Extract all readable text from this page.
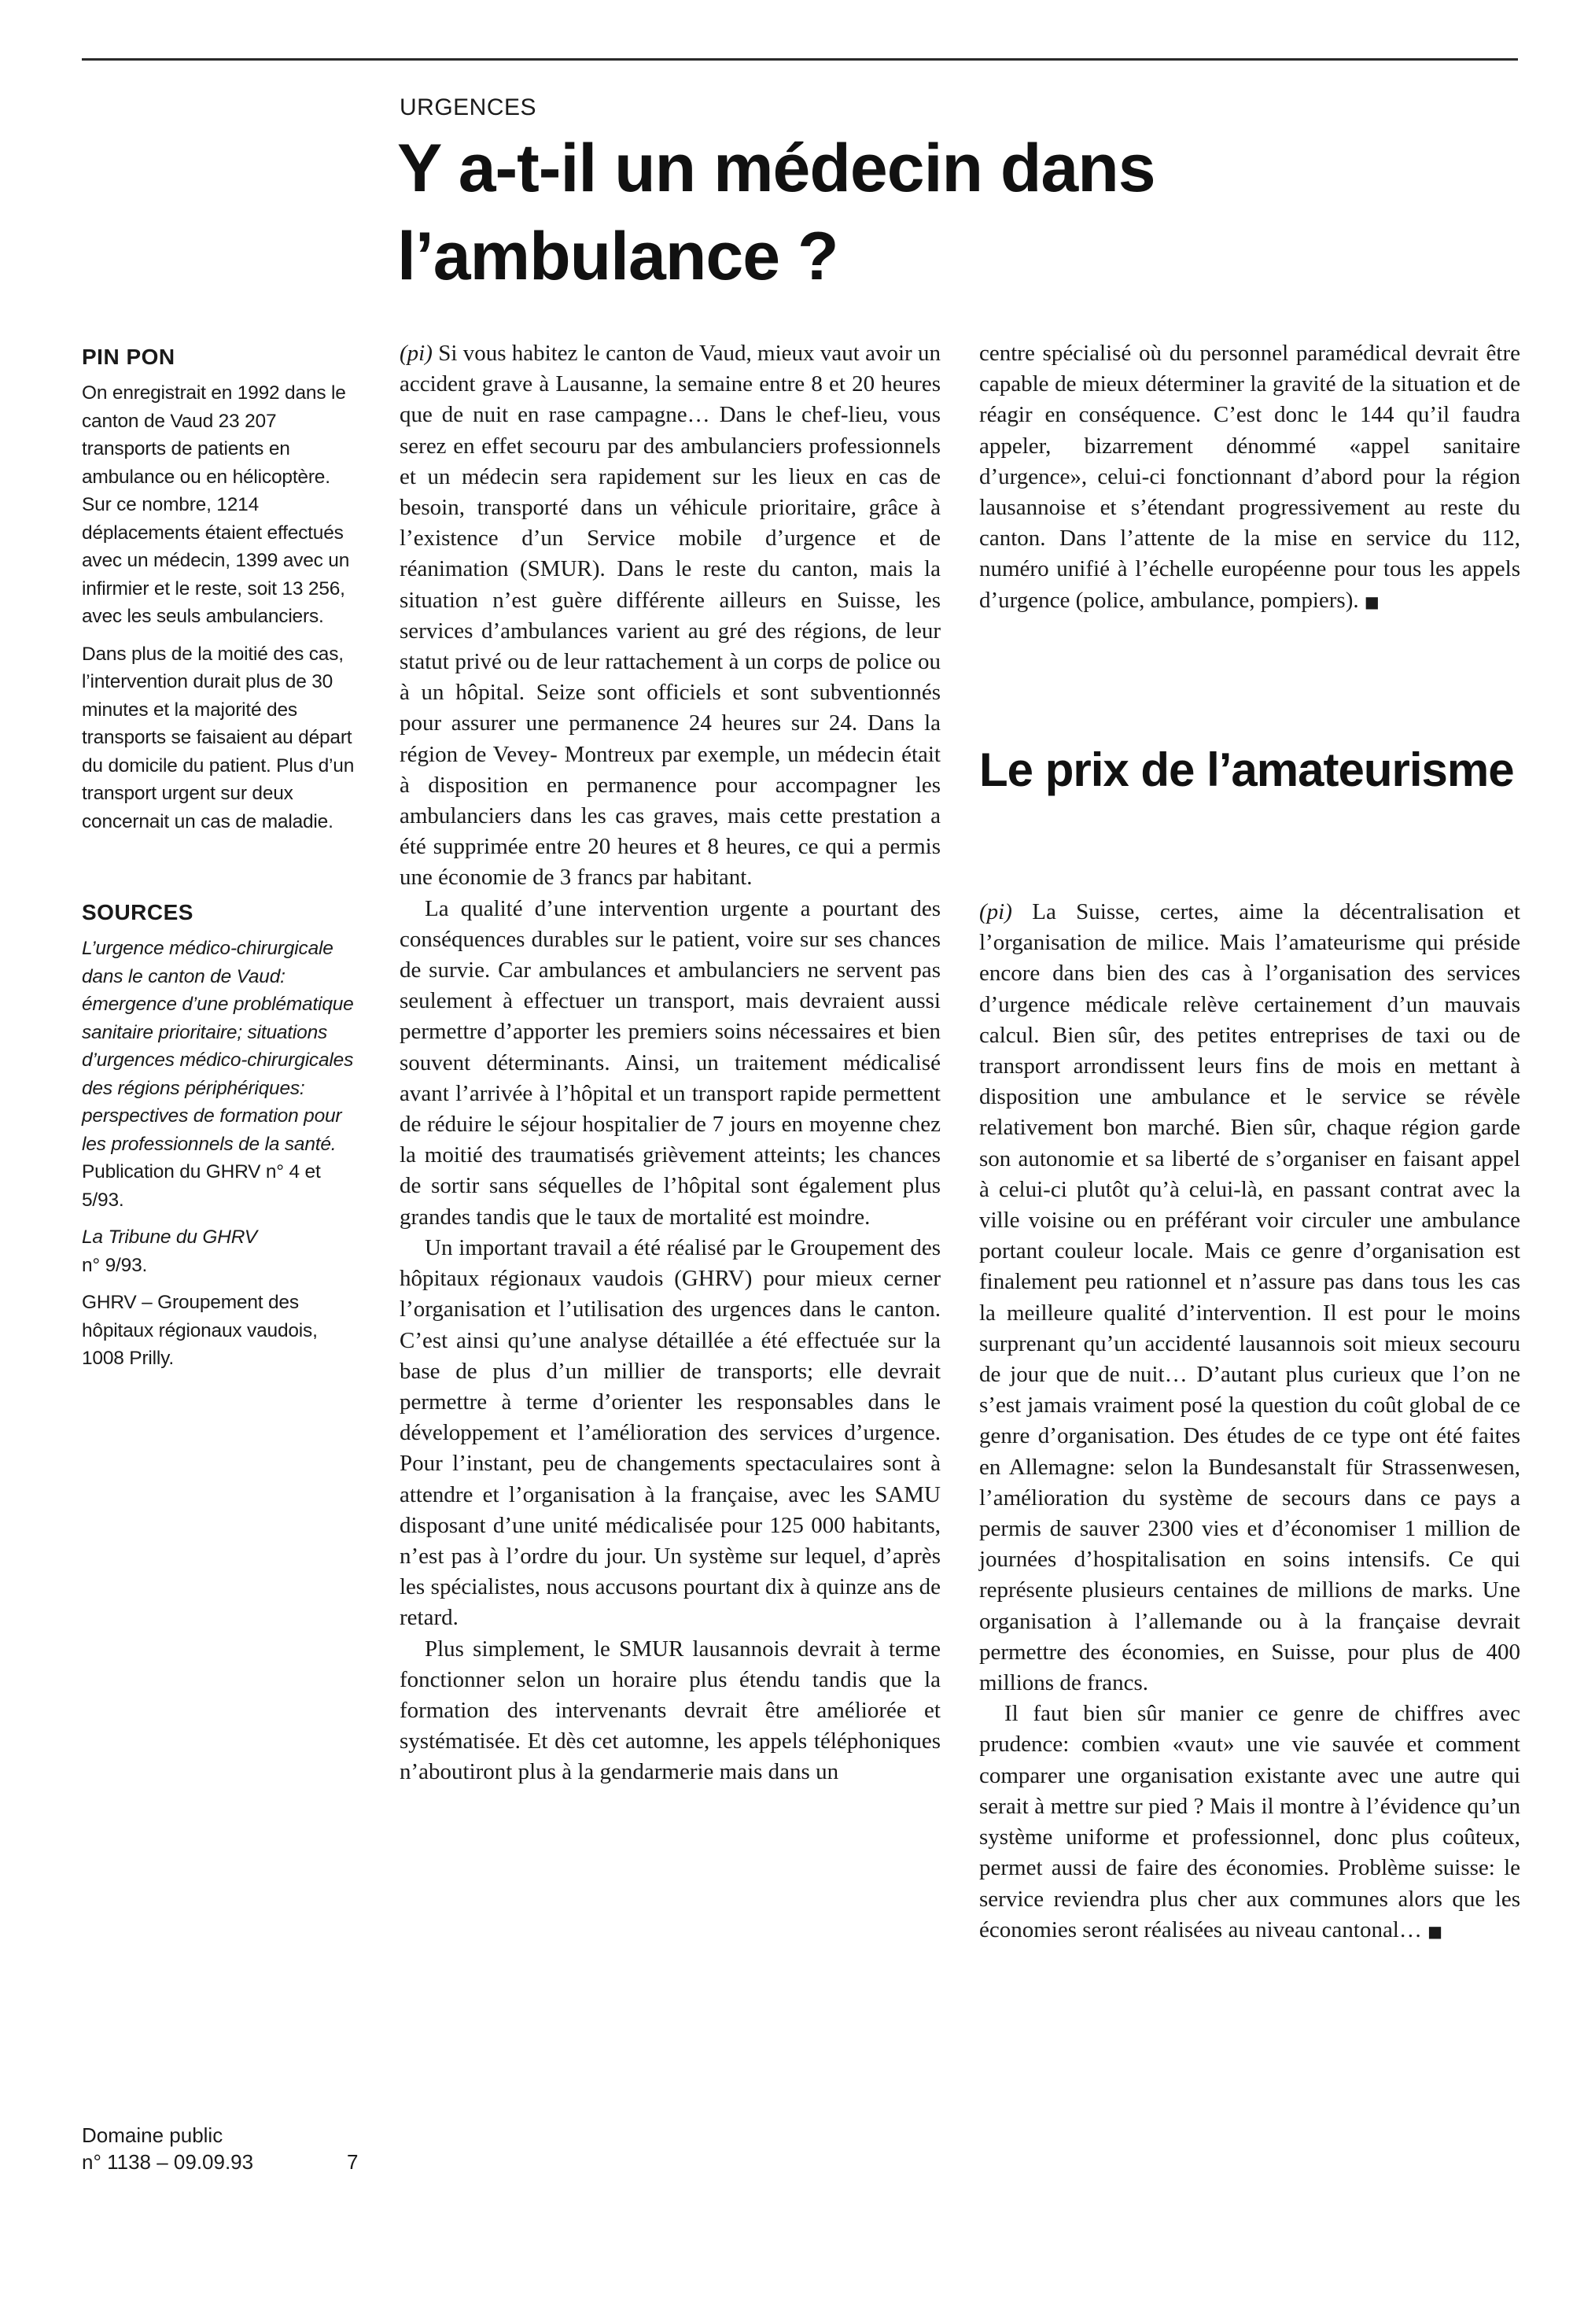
URGENCES
Y a-t-il un médecin dans l’ambulance ?
PIN PON

On enregistrait en 1992 dans le canton de Vaud 23 207 transports de patients en ambulance ou en hélicoptère. Sur ce nombre, 1214 déplacements étaient effectués avec un médecin, 1399 avec un infirmier et le reste, soit 13 256, avec les seuls ambulanciers.

Dans plus de la moitié des cas, l’intervention durait plus de 30 minutes et la majorité des transports se faisaient au départ du domicile du patient. Plus d’un transport urgent sur deux concernait un cas de maladie.

SOURCES

L’urgence médico-chirurgicale dans le canton de Vaud: émergence d’une problématique sanitaire prioritaire; situations d’urgences médico-chirurgicales des régions périphériques: perspectives de formation pour les professionnels de la santé. Publication du GHRV n° 4 et 5/93.

La Tribune du GHRV
n° 9/93.

GHRV – Groupement des hôpitaux régionaux vaudois, 1008 Prilly.

Domaine public
n° 1138 – 09.09.93	7

(pi) Si vous habitez le canton de Vaud, mieux vaut avoir un accident grave à Lausanne, la semaine entre 8 et 20 heures que de nuit en rase campagne… Dans le chef-lieu, vous serez en effet secouru par des ambulanciers professionnels et un médecin sera rapidement sur les lieux en cas de besoin, transporté dans un véhicule prioritaire, grâce à l’existence d’un Service mobile d’urgence et de réanimation (SMUR). Dans le reste du canton, mais la situation n’est guère différente ailleurs en Suisse, les services d’ambulances varient au gré des régions, de leur statut privé ou de leur rattachement à un corps de police ou à un hôpital. Seize sont officiels et sont subventionnés pour assurer une permanence 24 heures sur 24. Dans la région de Vevey- Montreux par exemple, un médecin était à disposition en permanence pour accompagner les ambulanciers dans les cas graves, mais cette prestation a été supprimée entre 20 heures et 8 heures, ce qui a permis une économie de 3 francs par habitant.

La qualité d’une intervention urgente a pourtant des conséquences durables sur le patient, voire sur ses chances de survie. Car ambulances et ambulanciers ne servent pas seulement à effectuer un transport, mais devraient aussi permettre d’apporter les premiers soins nécessaires et bien souvent déterminants. Ainsi, un traitement médicalisé avant l’arrivée à l’hôpital et un transport rapide permettent de réduire le séjour hospitalier de 7 jours en moyenne chez la moitié des traumatisés grièvement atteints; les chances de sortir sans séquelles de l’hôpital sont également plus grandes tandis que le taux de mortalité est moindre.

Un important travail a été réalisé par le Groupement des hôpitaux régionaux vaudois (GHRV) pour mieux cerner l’organisation et l’utilisation des urgences dans le canton. C’est ainsi qu’une analyse détaillée a été effectuée sur la base de plus d’un millier de transports; elle devrait permettre à terme d’orienter les responsables dans le développement et l’amélioration des services d’urgence. Pour l’instant, peu de changements spectaculaires sont à attendre et l’organisation à la française, avec les SAMU disposant d’une unité médicalisée pour 125 000 habitants, n’est pas à l’ordre du jour. Un système sur lequel, d’après les spécialistes, nous accusons pourtant dix à quinze ans de retard.

Plus simplement, le SMUR lausannois devrait à terme fonctionner selon un horaire plus étendu tandis que la formation des intervenants devrait être améliorée et systématisée. Et dès cet automne, les appels téléphoniques n’aboutiront plus à la gendarmerie mais dans un

centre spécialisé où du personnel paramédical devrait être capable de mieux déterminer la gravité de la situation et de réagir en conséquence. C’est donc le 144 qu’il faudra appeler, bizarrement dénommé «appel sanitaire d’urgence», celui-ci fonctionnant d’abord pour la région lausannoise et s’étendant progressivement au reste du canton. Dans l’attente de la mise en service du 112, numéro unifié à l’échelle européenne pour tous les appels d’urgence (police, ambulance, pompiers). ■

Le prix de l’amateurisme

(pi) La Suisse, certes, aime la décentralisation et l’organisation de milice. Mais l’amateurisme qui préside encore dans bien des cas à l’organisation des services d’urgence médicale relève certainement d’un mauvais calcul. Bien sûr, des petites entreprises de taxi ou de transport arrondissent leurs fins de mois en mettant à disposition une ambulance et le service se révèle relativement bon marché. Bien sûr, chaque région garde son autonomie et sa liberté de s’organiser en faisant appel à celui-ci plutôt qu’à celui-là, en passant contrat avec la ville voisine ou en préférant voir circuler une ambulance portant couleur locale. Mais ce genre d’organisation est finalement peu rationnel et n’assure pas dans tous les cas la meilleure qualité d’intervention. Il est pour le moins surprenant qu’un accidenté lausannois soit mieux secouru de jour que de nuit… D’autant plus curieux que l’on ne s’est jamais vraiment posé la question du coût global de ce genre d’organisation. Des études de ce type ont été faites en Allemagne: selon la Bundesanstalt für Strassenwesen, l’amélioration du système de secours dans ce pays a permis de sauver 2300 vies et d’économiser 1 million de journées d’hospitalisation en soins intensifs. Ce qui représente plusieurs centaines de millions de marks. Une organisation à l’allemande ou à la française devrait permettre des économies, en Suisse, pour plus de 400 millions de francs.

Il faut bien sûr manier ce genre de chiffres avec prudence: combien «vaut» une vie sauvée et comment comparer une organisation existante avec une autre qui serait à mettre sur pied ? Mais il montre à l’évidence qu’un système uniforme et professionnel, donc plus coûteux, permet aussi de faire des économies. Problème suisse: le service reviendra plus cher aux communes alors que les économies seront réalisées au niveau cantonal… ■
